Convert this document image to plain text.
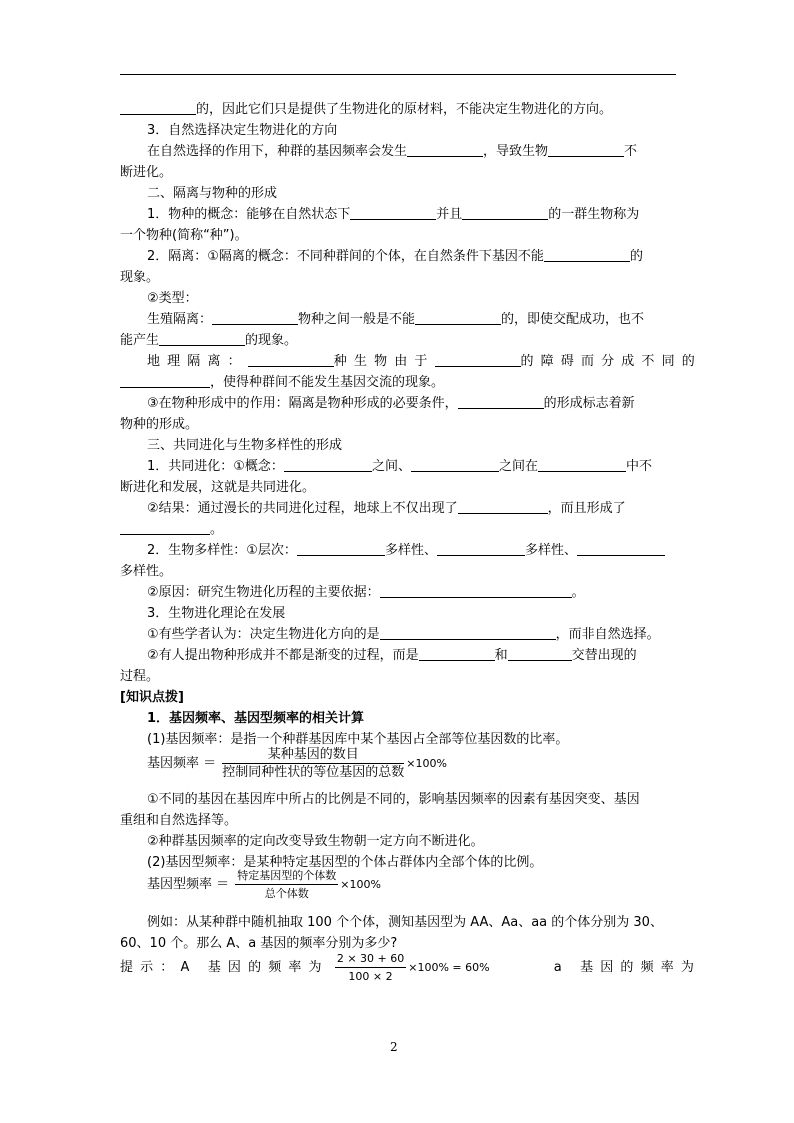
的，因此它们只是提供了生物进化的原材料，不能决定生物进化的方向。
3．自然选择决定生物进化的方向
在自然选择的作用下，种群的基因频率会发生	，导致生物	不
断进化。
二、隔离与物种的形成
1．物种的概念：能够在自然状态下	并且	的一群生物称为
一个物种(简称“种”)。
2．隔离：①隔离的概念：不同种群间的个体，在自然条件下基因不能	的
现象。
②类型：
生殖隔离：	物种之间一般是不能	的，即使交配成功，也不
能产生	的现象。
地理隔离：	种生物由于	的障碍而分成不同的
，使得种群间不能发生基因交流的现象。
③在物种形成中的作用：隔离是物种形成的必要条件，	的形成标志着新
物种的形成。
三、共同进化与生物多样性的形成
1．共同进化：①概念：	之间、	之间在	中不
断进化和发展，这就是共同进化。
②结果：通过漫长的共同进化过程，地球上不仅出现了	，而且形成了
。
2．生物多样性：①层次：	多样性、	多样性、
多样性。
②原因：研究生物进化历程的主要依据：	。
3．生物进化理论在发展
①有些学者认为：决定生物进化方向的是	，而非自然选择。
②有人提出物种形成并不都是渐变的过程，而是	和	交替出现的
过程。
[知识点拨]
1．基因频率、基因型频率的相关计算
(1)基因频率：是指一个种群基因库中某个基因占全部等位基因数的比率。
基因频率 ＝ $\frac{\text{某种基因的数目}}{\text{控制同种性状的等位基因的总数}} \times 100\%$
①不同的基因在基因库中所占的比例是不同的，影响基因频率的因素有基因突变、基因
重组和自然选择等。
②种群基因频率的定向改变导致生物朝一定方向不断进化。
(2)基因型频率：是某种特定基因型的个体占群体内全部个体的比例。
基因型频率 ＝ $\frac{\text{特定基因型的个体数}}{\text{总个体数}} \times 100\%$
例如：从某种群中随机抽取 100 个个体，测知基因型为 AA、Aa、aa 的个体分别为 30、
60、10 个。那么 A、a 基因的频率分别为多少?
提示：A 基因的频率为 $\frac{2 \times 30 + 60}{100 \times 2} \times 100\% = 60\%$	a 基因的频率为
2
